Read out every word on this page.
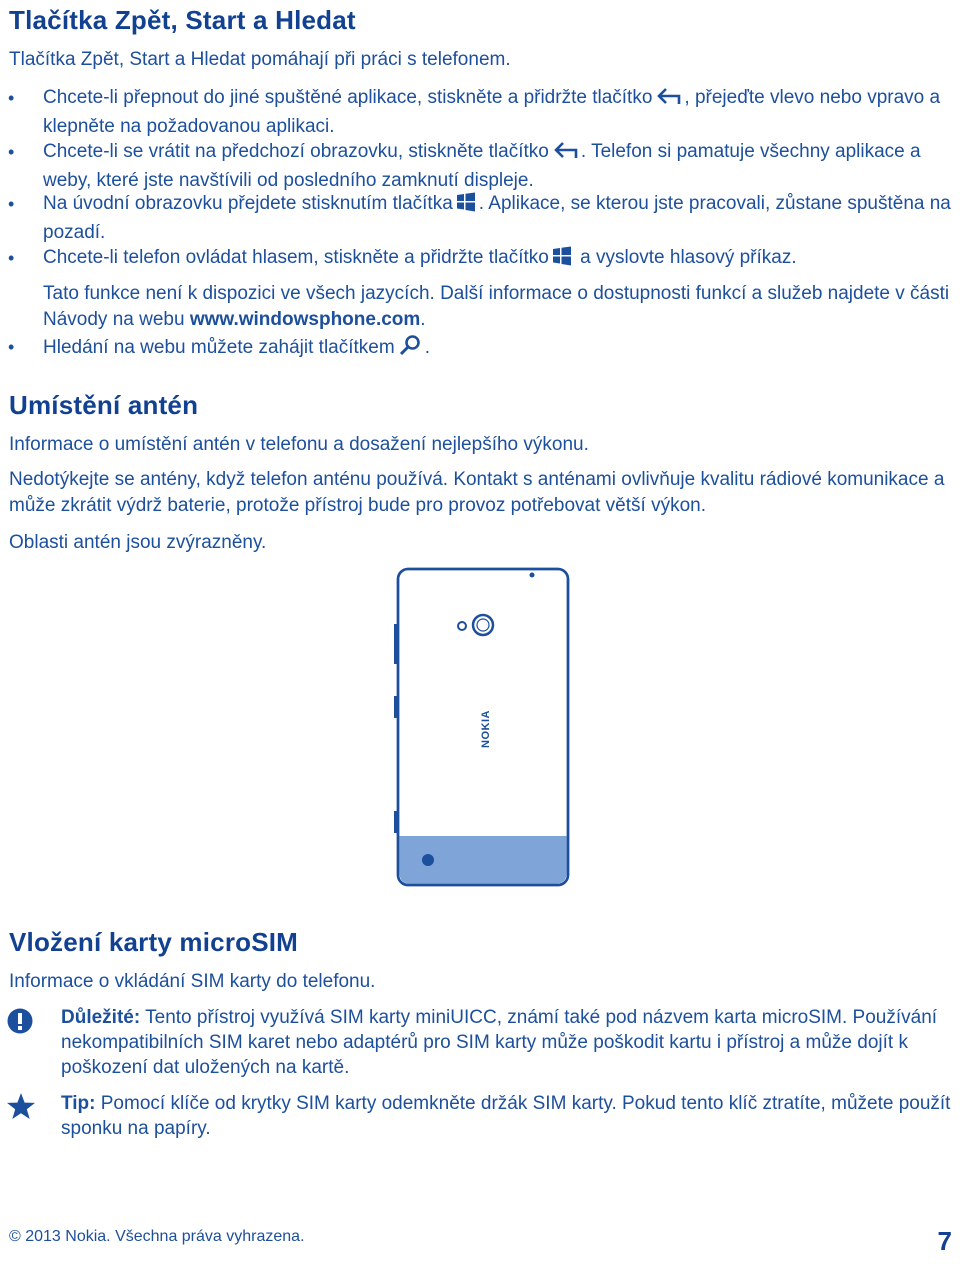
Tlačítka Zpět, Start a Hledat

Tlačítka Zpět, Start a Hledat pomáhají při práci s telefonem.

• Chcete-li přepnout do jiné spuštěné aplikace, stiskněte a přidržte tlačítko , přejeďte vlevo nebo vpravo a klepněte na požadovanou aplikaci.
• Chcete-li se vrátit na předchozí obrazovku, stiskněte tlačítko . Telefon si pamatuje všechny aplikace a weby, které jste navštívili od posledního zamknutí displeje.
• Na úvodní obrazovku přejdete stisknutím tlačítka . Aplikace, se kterou jste pracovali, zůstane spuštěna na pozadí.
• Chcete-li telefon ovládat hlasem, stiskněte a přidržte tlačítko a vyslovte hlasový příkaz.
Tato funkce není k dispozici ve všech jazycích. Další informace o dostupnosti funkcí a služeb najdete v části Návody na webu www.windowsphone.com.
• Hledání na webu můžete zahájit tlačítkem .
Umístění antén

Informace o umístění antén v telefonu a dosažení nejlepšího výkonu.

Nedotýkejte se antény, když telefon anténu používá. Kontakt s anténami ovlivňuje kvalitu rádiové komunikace a může zkrátit výdrž baterie, protože přístroj bude pro provoz potřebovat větší výkon.

Oblasti antén jsou zvýrazněny.

NOKIA
Vložení karty microSIM

Informace o vkládání SIM karty do telefonu.

Důležité: Tento přístroj využívá SIM karty miniUICC, známí také pod názvem karta microSIM. Používání nekompatibilních SIM karet nebo adaptérů pro SIM karty může poškodit kartu i přístroj a může dojít k poškození dat uložených na kartě.
Tip: Pomocí klíče od krytky SIM karty odemkněte držák SIM karty. Pokud tento klíč ztratíte, můžete použít sponku na papíry.
© 2013 Nokia. Všechna práva vyhrazena.	7
